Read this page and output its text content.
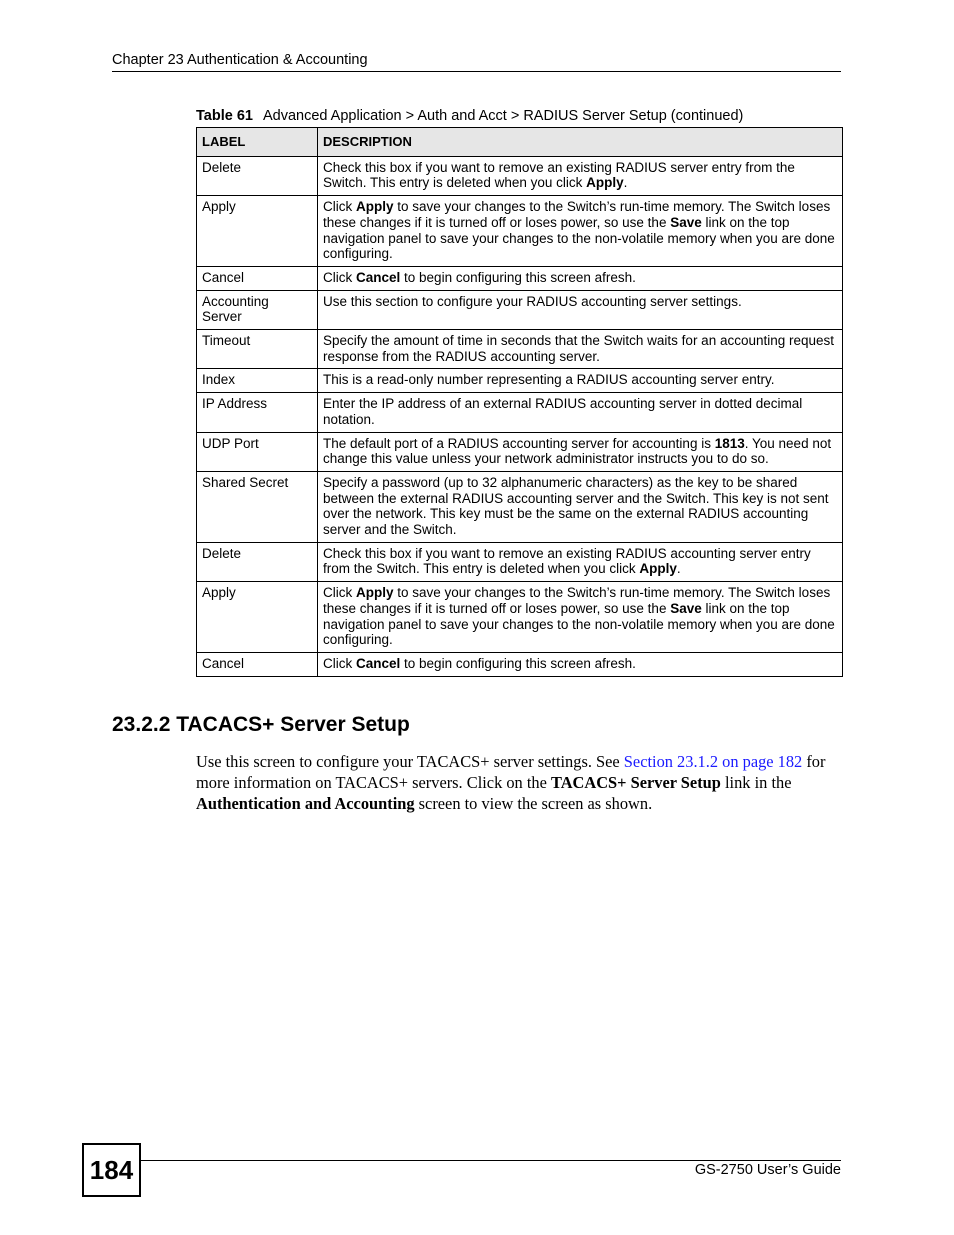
Chapter 23 Authentication & Accounting
Table 61 Advanced Application > Auth and Acct > RADIUS Server Setup (continued)
LABEL	DESCRIPTION
Delete	Check this box if you want to remove an existing RADIUS server entry from the Switch. This entry is deleted when you click Apply.
Apply	Click Apply to save your changes to the Switch’s run-time memory. The Switch loses these changes if it is turned off or loses power, so use the Save link on the top navigation panel to save your changes to the non-volatile memory when you are done configuring.
Cancel	Click Cancel to begin configuring this screen afresh.
Accounting Server	Use this section to configure your RADIUS accounting server settings.
Timeout	Specify the amount of time in seconds that the Switch waits for an accounting request response from the RADIUS accounting server.
Index	This is a read-only number representing a RADIUS accounting server entry.
IP Address	Enter the IP address of an external RADIUS accounting server in dotted decimal notation.
UDP Port	The default port of a RADIUS accounting server for accounting is 1813. You need not change this value unless your network administrator instructs you to do so.
Shared Secret	Specify a password (up to 32 alphanumeric characters) as the key to be shared between the external RADIUS accounting server and the Switch. This key is not sent over the network. This key must be the same on the external RADIUS accounting server and the Switch.
Delete	Check this box if you want to remove an existing RADIUS accounting server entry from the Switch. This entry is deleted when you click Apply.
Apply	Click Apply to save your changes to the Switch’s run-time memory. The Switch loses these changes if it is turned off or loses power, so use the Save link on the top navigation panel to save your changes to the non-volatile memory when you are done configuring.
Cancel	Click Cancel to begin configuring this screen afresh.
23.2.2 TACACS+ Server Setup

Use this screen to configure your TACACS+ server settings. See Section 23.1.2 on page 182 for more information on TACACS+ servers. Click on the TACACS+ Server Setup link in the Authentication and Accounting screen to view the screen as shown.

184	GS-2750 User’s Guide
